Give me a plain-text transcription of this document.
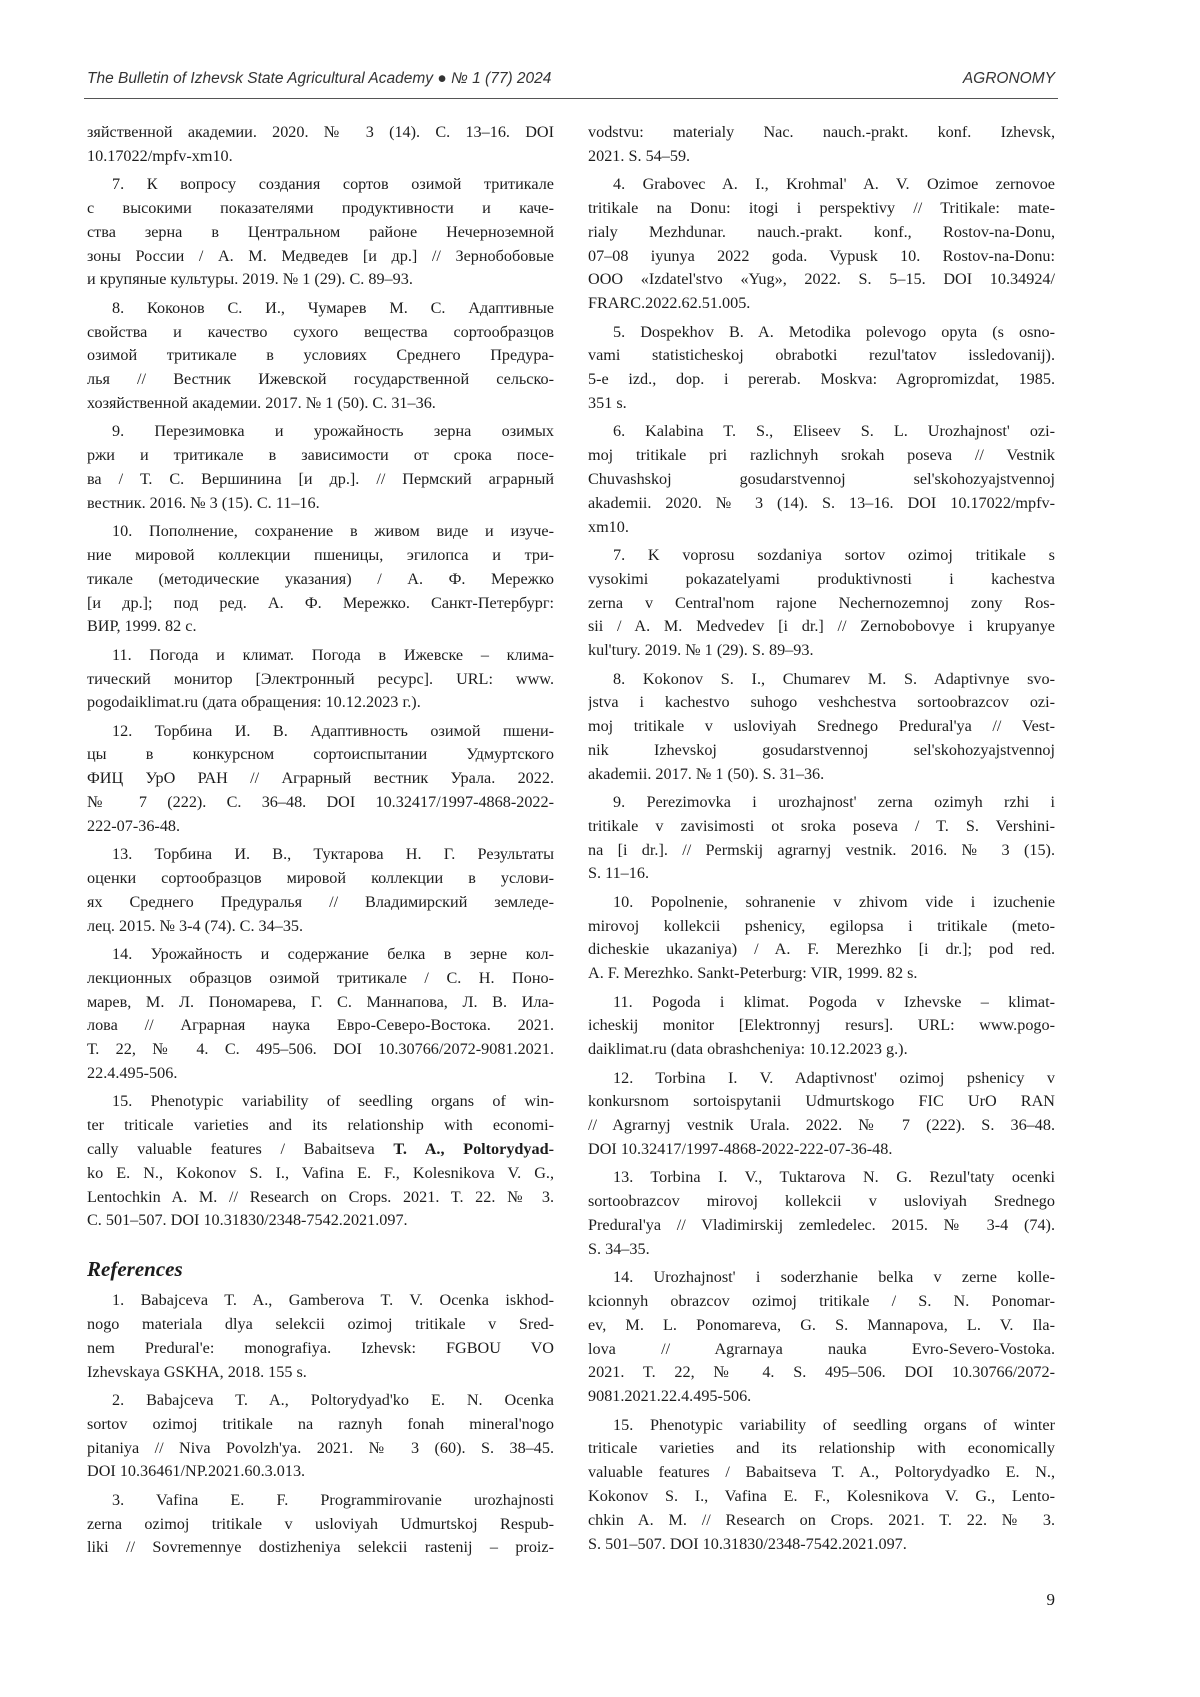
The Bulletin of Izhevsk State Agricultural Academy ● № 1 (77) 2024	AGRONOMY
зяйственной академии. 2020. № 3 (14). С. 13–16. DOI
10.17022/mpfv-xm10.
7. К вопросу создания сортов озимой тритикале
с высокими показателями продуктивности и каче-
ства зерна в Центральном районе Нечерноземной
зоны России / А. М. Медведев [и др.] // Зернобобовые
и крупяные культуры. 2019. № 1 (29). С. 89–93.
8. Коконов С. И., Чумарев М. С. Адаптивные
свойства и качество сухого вещества сортообразцов
озимой тритикале в условиях Среднего Предура-
лья // Вестник Ижевской государственной сельско-
хозяйственной академии. 2017. № 1 (50). С. 31–36.
9. Перезимовка и урожайность зерна озимых
ржи и тритикале в зависимости от срока посе-
ва / Т. С. Вершинина [и др.]. // Пермский аграрный
вестник. 2016. № 3 (15). С. 11–16.
10. Пополнение, сохранение в живом виде и изуче-
ние мировой коллекции пшеницы, эгилопса и три-
тикале (методические указания) / А. Ф. Мережко
[и др.]; под ред. А. Ф. Мережко. Санкт-Петербург:
ВИР, 1999. 82 с.
11. Погода и климат. Погода в Ижевске – клима-
тический монитор [Электронный ресурс]. URL: www.
pogodaiklimat.ru (дата обращения: 10.12.2023 г.).
12. Торбина И. В. Адаптивность озимой пшени-
цы в конкурсном сортоиспытании Удмуртского
ФИЦ УрО РАН // Аграрный вестник Урала. 2022.
№ 7 (222). С. 36–48. DOI 10.32417/1997-4868-2022-
222-07-36-48.
13. Торбина И. В., Туктарова Н. Г. Результаты
оценки сортообразцов мировой коллекции в услови-
ях Среднего Предуралья // Владимирский земледе-
лец. 2015. № 3-4 (74). С. 34–35.
14. Урожайность и содержание белка в зерне кол-
лекционных образцов озимой тритикале / С. Н. Поно-
марев, М. Л. Пономарева, Г. С. Маннапова, Л. В. Ила-
лова // Аграрная наука Евро-Северо-Востока. 2021.
Т. 22, № 4. С. 495–506. DOI 10.30766/2072-9081.2021.
22.4.495-506.
15. Phenotypic variability of seedling organs of win-
ter triticale varieties and its relationship with economi-
cally valuable features / Babaitseva T. A., Poltorydyad-
ko E. N., Kokonov S. I., Vafina E. F., Kolesnikova V. G.,
Lentochkin A. M. // Research on Crops. 2021. T. 22. № 3.
C. 501–507. DOI 10.31830/2348-7542.2021.097.
References
1. Babajceva T. A., Gamberova T. V. Ocenka iskhod-
nogo materiala dlya selekcii ozimoj tritikale v Sred-
nem Predural'e: monografiya. Izhevsk: FGBOU VO
Izhevskaya GSKHA, 2018. 155 s.
2. Babajceva T. A., Poltorydyad'ko E. N. Ocenka
sortov ozimoj tritikale na raznyh fonah mineral'nogo
pitaniya // Niva Povolzh'ya. 2021. № 3 (60). S. 38–45.
DOI 10.36461/NP.2021.60.3.013.
3. Vafina E. F. Programmirovanie urozhajnosti
zerna ozimoj tritikale v usloviyah Udmurtskoj Respub-
liki // Sovremennye dostizheniya selekcii rastenij – proiz-
vodstvu: materialy Nac. nauch.-prakt. konf. Izhevsk,
2021. S. 54–59.
4. Grabovec A. I., Krohmal' A. V. Ozimoe zernovoe
tritikale na Donu: itogi i perspektivy // Tritikale: mate-
rialy Mezhdunar. nauch.-prakt. konf., Rostov-na-Donu,
07–08 iyunya 2022 goda. Vypusk 10. Rostov-na-Donu:
OOO «Izdatel'stvo «Yug», 2022. S. 5–15. DOI 10.34924/
FRARC.2022.62.51.005.
5. Dospekhov B. A. Metodika polevogo opyta (s osno-
vami statisticheskoj obrabotki rezul'tatov issledovanij).
5-e izd., dop. i pererab. Moskva: Agropromizdat, 1985.
351 s.
6. Kalabina T. S., Eliseev S. L. Urozhajnost' ozi-
moj tritikale pri razlichnyh srokah poseva // Vestnik
Chuvashskoj gosudarstvennoj sel'skohozyajstvennoj
akademii. 2020. № 3 (14). S. 13–16. DOI 10.17022/mpfv-
xm10.
7. K voprosu sozdaniya sortov ozimoj tritikale s
vysokimi pokazatelyami produktivnosti i kachestva
zerna v Central'nom rajone Nechernozemnoj zony Ros-
sii / A. M. Medvedev [i dr.] // Zernobobovye i krupyanye
kul'tury. 2019. № 1 (29). S. 89–93.
8. Kokonov S. I., Chumarev M. S. Adaptivnye svo-
jstva i kachestvo suhogo veshchestva sortoobrazcov ozi-
moj tritikale v usloviyah Srednego Predural'ya // Vest-
nik Izhevskoj gosudarstvennoj sel'skohozyajstvennoj
akademii. 2017. № 1 (50). S. 31–36.
9. Perezimovka i urozhajnost' zerna ozimyh rzhi i
tritikale v zavisimosti ot sroka poseva / T. S. Vershini-
na [i dr.]. // Permskij agrarnyj vestnik. 2016. № 3 (15).
S. 11–16.
10. Popolnenie, sohranenie v zhivom vide i izuchenie
mirovoj kollekcii pshenicy, egilopsa i tritikale (meto-
dicheskie ukazaniya) / A. F. Merezhko [i dr.]; pod red.
A. F. Merezhko. Sankt-Peterburg: VIR, 1999. 82 s.
11. Pogoda i klimat. Pogoda v Izhevske – klimat-
icheskij monitor [Elektronnyj resurs]. URL: www.pogo-
daiklimat.ru (data obrashcheniya: 10.12.2023 g.).
12. Torbina I. V. Adaptivnost' ozimoj pshenicy v
konkursnom sortoispytanii Udmurtskogo FIC UrO RAN
// Agrarnyj vestnik Urala. 2022. № 7 (222). S. 36–48.
DOI 10.32417/1997-4868-2022-222-07-36-48.
13. Torbina I. V., Tuktarova N. G. Rezul'taty ocenki
sortoobrazcov mirovoj kollekcii v usloviyah Srednego
Predural'ya // Vladimirskij zemledelec. 2015. № 3-4 (74).
S. 34–35.
14. Urozhajnost' i soderzhanie belka v zerne kolle-
kcionnyh obrazcov ozimoj tritikale / S. N. Ponomar-
ev, M. L. Ponomareva, G. S. Mannapova, L. V. Ila-
lova // Agrarnaya nauka Evro-Severo-Vostoka.
2021. T. 22, № 4. S. 495–506. DOI 10.30766/2072-
9081.2021.22.4.495-506.
15. Phenotypic variability of seedling organs of winter
triticale varieties and its relationship with economically
valuable features / Babaitseva T. A., Poltorydyadko E. N.,
Kokonov S. I., Vafina E. F., Kolesnikova V. G., Lento-
chkin A. M. // Research on Crops. 2021. T. 22. № 3.
S. 501–507. DOI 10.31830/2348-7542.2021.097.
9
